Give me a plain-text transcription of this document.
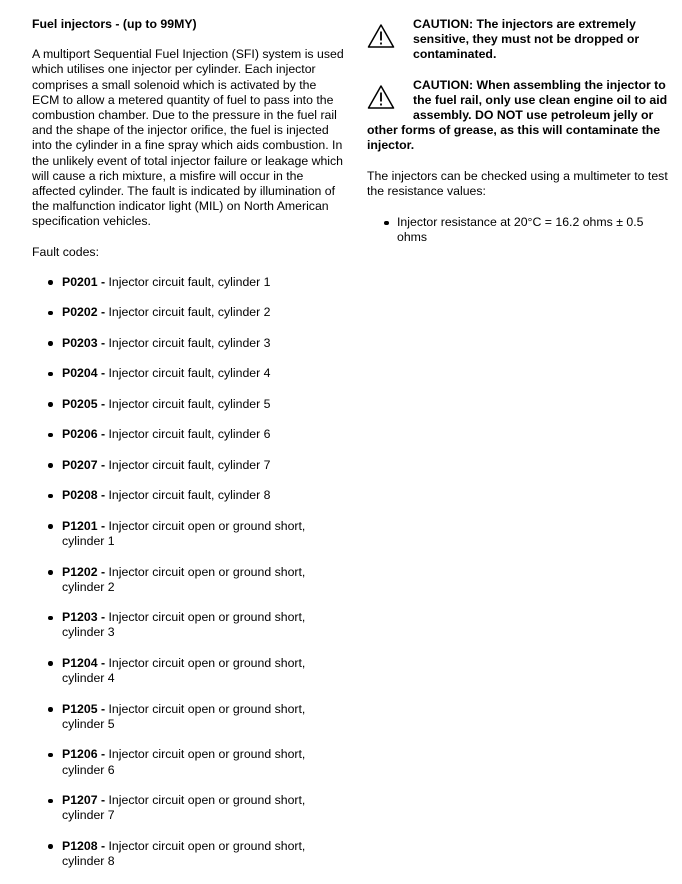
Fuel injectors - (up to 99MY)
A multiport Sequential Fuel Injection (SFI) system is used which utilises one injector per cylinder. Each injector comprises a small solenoid which is activated by the ECM to allow a metered quantity of fuel to pass into the combustion chamber. Due to the pressure in the fuel rail and the shape of the injector orifice, the fuel is injected into the cylinder in a fine spray which aids combustion. In the unlikely event of total injector failure or leakage which will cause a rich mixture, a misfire will occur in the affected cylinder. The fault is indicated by illumination of the malfunction indicator light (MIL) on North American specification vehicles.
Fault codes:
P0201 - Injector circuit fault, cylinder 1
P0202 - Injector circuit fault, cylinder 2
P0203 - Injector circuit fault, cylinder 3
P0204 - Injector circuit fault, cylinder 4
P0205 - Injector circuit fault, cylinder 5
P0206 - Injector circuit fault, cylinder 6
P0207 - Injector circuit fault, cylinder 7
P0208 - Injector circuit fault, cylinder 8
P1201 - Injector circuit open or ground short, cylinder 1
P1202 - Injector circuit open or ground short, cylinder 2
P1203 - Injector circuit open or ground short, cylinder 3
P1204 - Injector circuit open or ground short, cylinder 4
P1205 - Injector circuit open or ground short, cylinder 5
P1206 - Injector circuit open or ground short, cylinder 6
P1207 - Injector circuit open or ground short, cylinder 7
P1208 - Injector circuit open or ground short, cylinder 8
CAUTION: The injectors are extremely sensitive, they must not be dropped or contaminated.
CAUTION: When assembling the injector to the fuel rail, only use clean engine oil to aid assembly. DO NOT use petroleum jelly or other forms of grease, as this will contaminate the injector.
The injectors can be checked using a multimeter to test the resistance values:
Injector resistance at 20°C = 16.2 ohms ± 0.5 ohms
